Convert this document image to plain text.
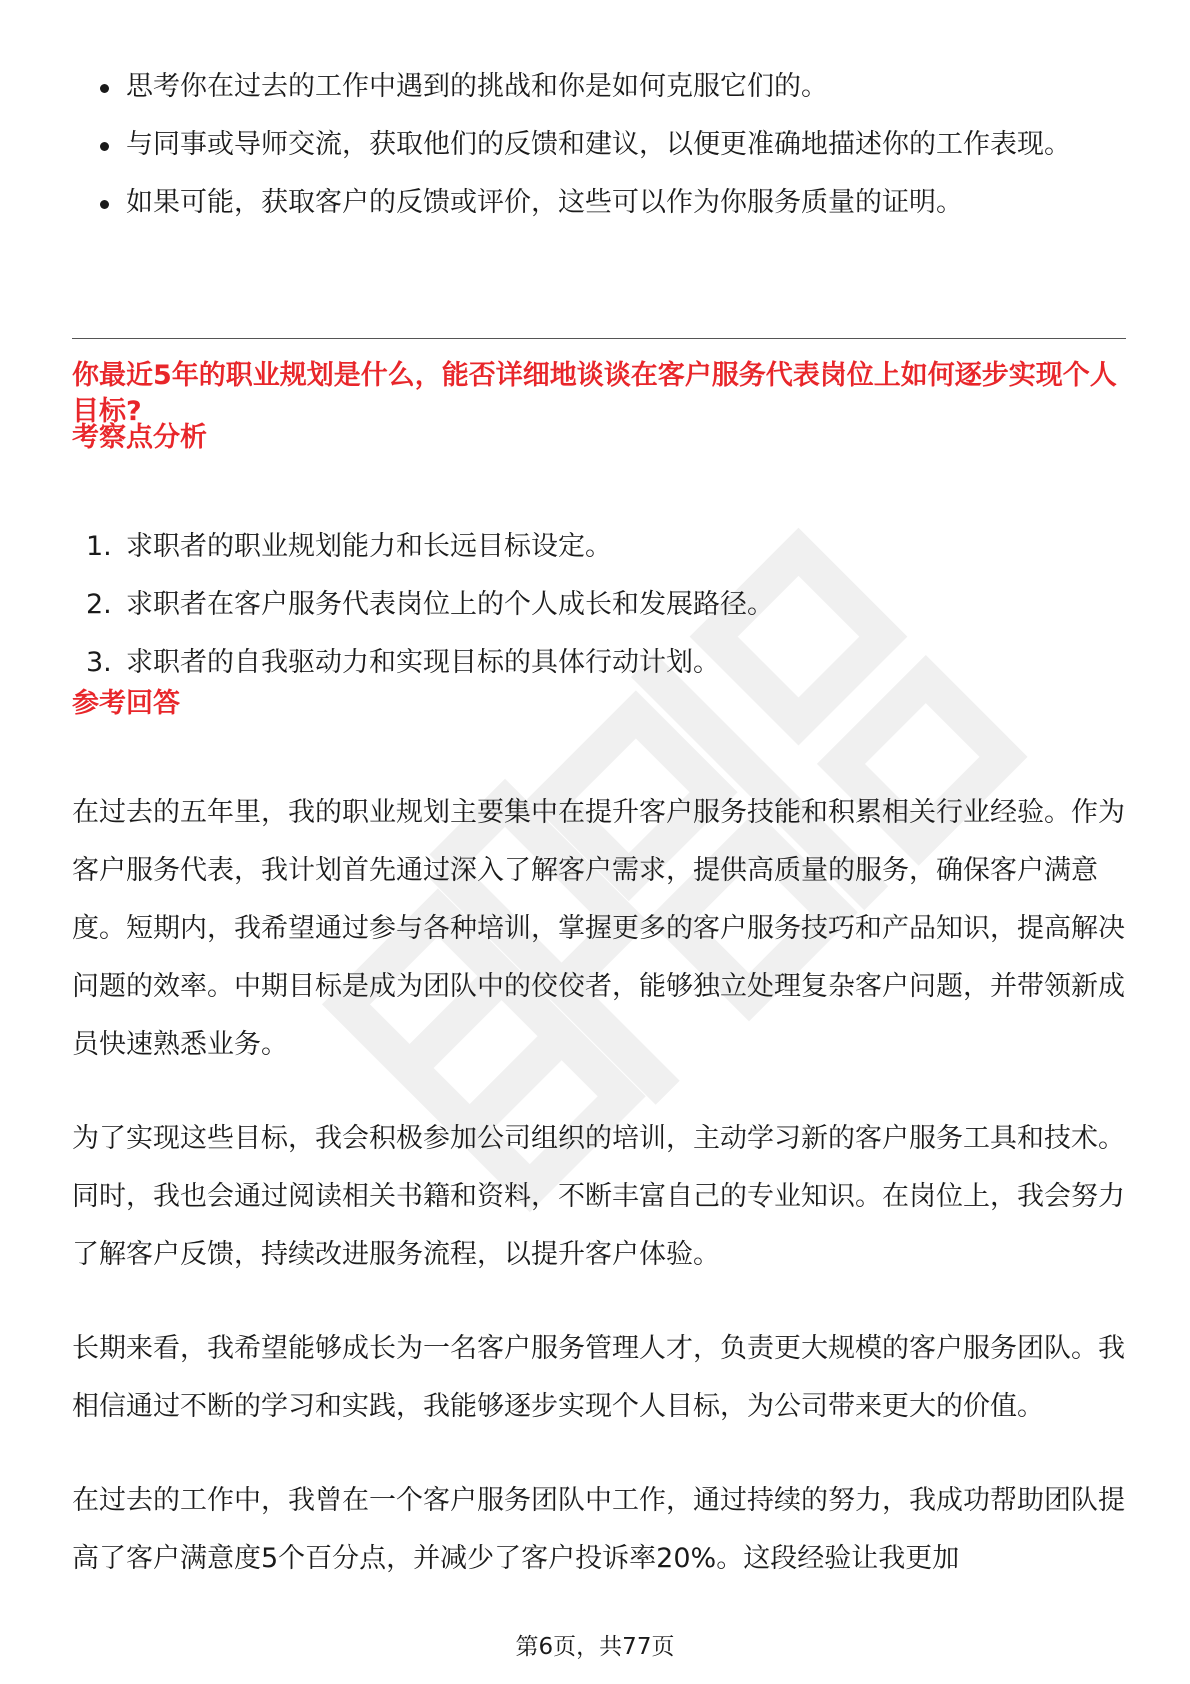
思考你在过去的工作中遇到的挑战和你是如何克服它们的。
与同事或导师交流，获取他们的反馈和建议，以便更准确地描述你的工作表现。
如果可能，获取客户的反馈或评价，这些可以作为你服务质量的证明。
你最近5年的职业规划是什么，能否详细地谈谈在客户服务代表岗位上如何逐步实现个人目标?
考察点分析
1. 求职者的职业规划能力和长远目标设定。
2. 求职者在客户服务代表岗位上的个人成长和发展路径。
3. 求职者的自我驱动力和实现目标的具体行动计划。
参考回答

在过去的五年里，我的职业规划主要集中在提升客户服务技能和积累相关行业经验。作为客户服务代表，我计划首先通过深入了解客户需求，提供高质量的服务，确保客户满意度。短期内，我希望通过参与各种培训，掌握更多的客户服务技巧和产品知识，提高解决问题的效率。中期目标是成为团队中的佼佼者，能够独立处理复杂客户问题，并带领新成员快速熟悉业务。

为了实现这些目标，我会积极参加公司组织的培训，主动学习新的客户服务工具和技术。同时，我也会通过阅读相关书籍和资料，不断丰富自己的专业知识。在岗位上，我会努力了解客户反馈，持续改进服务流程，以提升客户体验。

长期来看，我希望能够成长为一名客户服务管理人才，负责更大规模的客户服务团队。我相信通过不断的学习和实践，我能够逐步实现个人目标，为公司带来更大的价值。

在过去的工作中，我曾在一个客户服务团队中工作，通过持续的努力，我成功帮助团队提高了客户满意度5个百分点，并减少了客户投诉率20%。这段经验让我更加

第6页，共77页
